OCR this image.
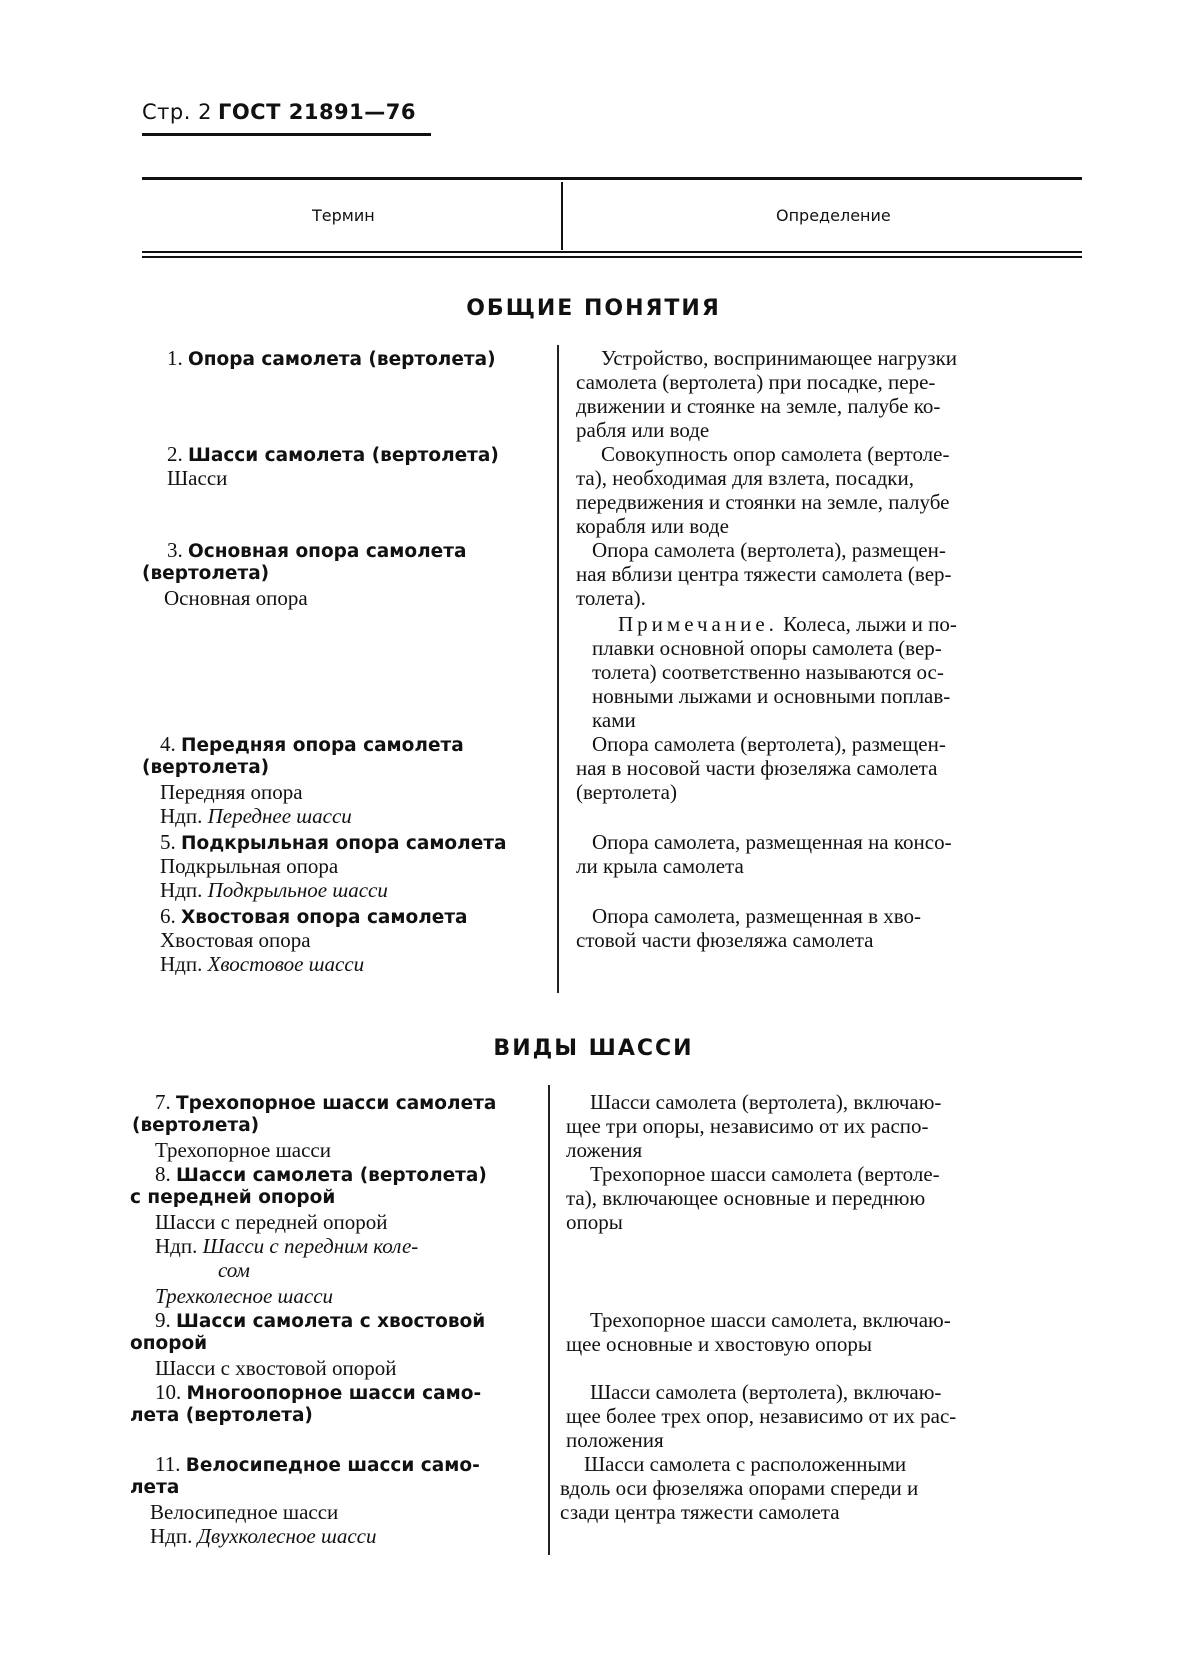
Стр. 2 ГОСТ 21891—76
Термин	Определение
ОБЩИЕ ПОНЯТИЯ
1. Опора самолета (вертолета)	Устройство, воспринимающее нагрузки
самолета (вертолета) при посадке, пере-
движении и стоянке на земле, палубе ко-
рабля или воде
2. Шасси самолета (вертолета)
Шасси
Совокупность опор самолета (вертоле-
та), необходимая для взлета, посадки,
передвижения и стоянки на земле, палубе
корабля или воде
3. Основная опора самолета
(вертолета)
Основная опора
Опора самолета (вертолета), размещен-
ная вблизи центра тяжести самолета (вер-
толета).
Примечание. Колеса, лыжи и по-
плавки основной опоры самолета (вер-
толета) соответственно называются ос-
новными лыжами и основными поплав-
ками
4. Передняя опора самолета
(вертолета)
Передняя опора
Ндп. Переднее шасси
Опора самолета (вертолета), размещен-
ная в носовой части фюзеляжа самолета
(вертолета)
5. Подкрыльная опора самолета
Подкрыльная опора
Ндп. Подкрыльное шасси
Опора самолета, размещенная на консо-
ли крыла самолета
6. Хвостовая опора самолета
Хвостовая опора
Ндп. Хвостовое шасси
Опора самолета, размещенная в хво-
стовой части фюзеляжа самолета
ВИДЫ ШАССИ
7. Трехопорное шасси самолета
(вертолета)
Трехопорное шасси
Шасси самолета (вертолета), включаю-
щее три опоры, независимо от их распо-
ложения
8. Шасси самолета (вертолета)
с передней опорой
Шасси с передней опорой
Ндп. Шасси с передним коле-
сом
Трехколесное шасси
Трехопорное шасси самолета (вертоле-
та), включающее основные и переднюю
опоры
9. Шасси самолета с хвостовой
опорой
Шасси с хвостовой опорой
Трехопорное шасси самолета, включаю-
щее основные и хвостовую опоры
10. Многоопорное шасси само-
лета (вертолета)
Шасси самолета (вертолета), включаю-
щее более трех опор, независимо от их рас-
положения
11. Велосипедное шасси само-
лета
Велосипедное шасси
Ндп. Двухколесное шасси
Шасси самолета с расположенными
вдоль оси фюзеляжа опорами спереди и
сзади центра тяжести самолета
